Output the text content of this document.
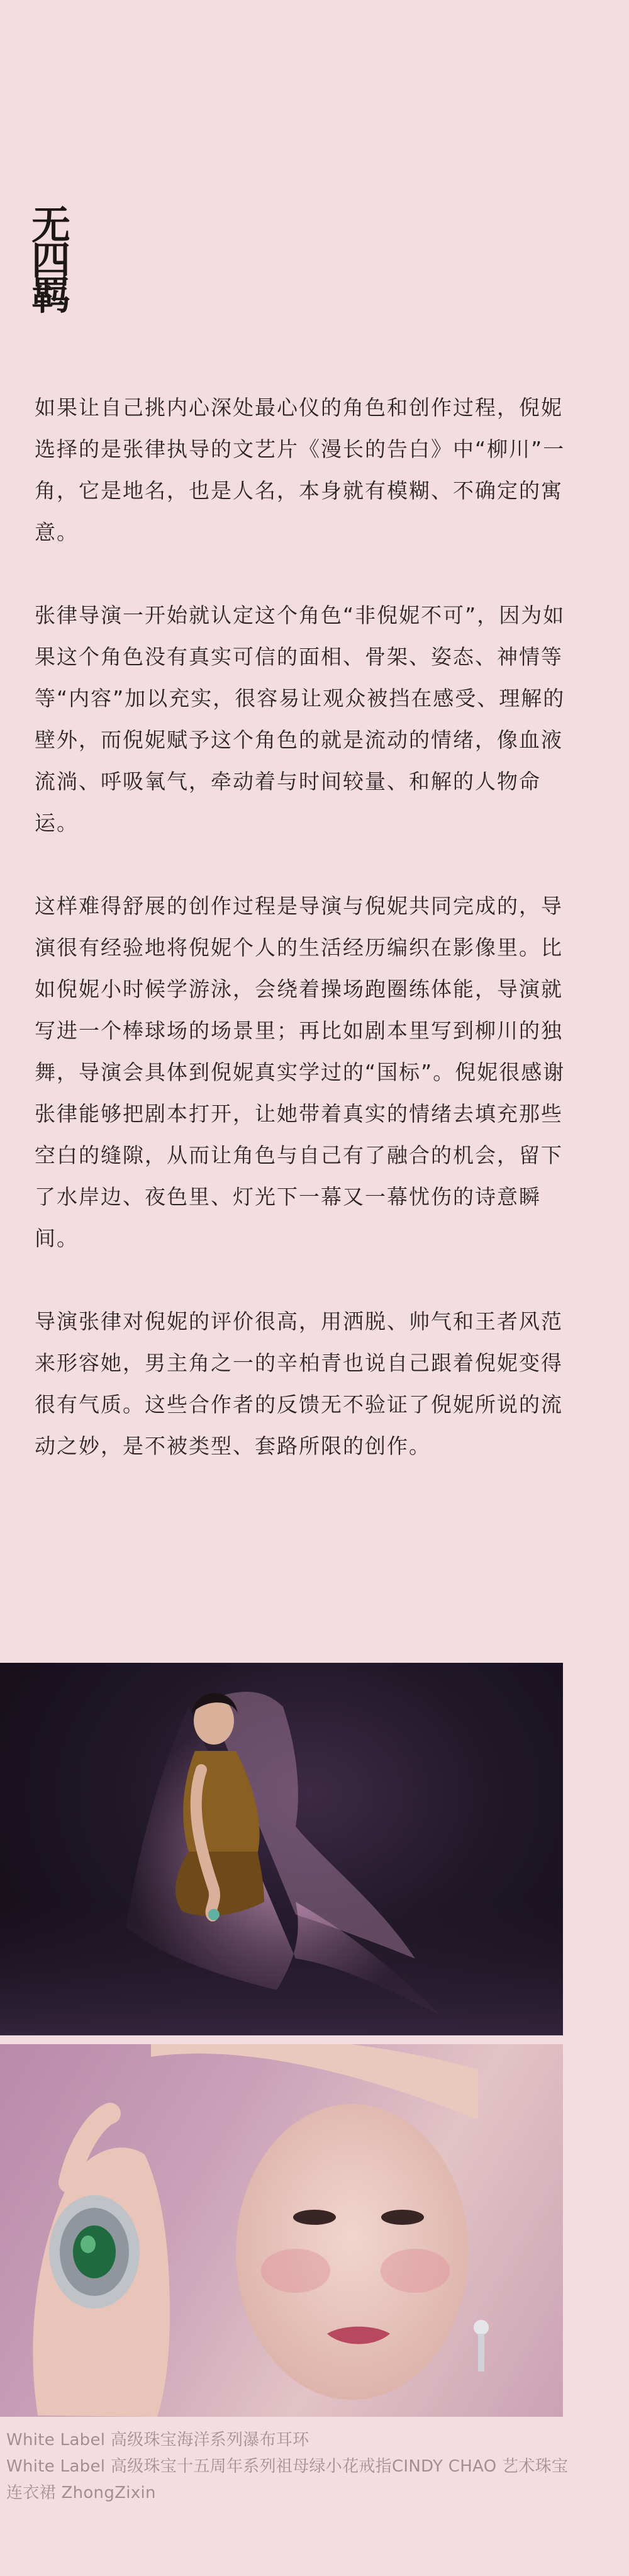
无
四
羁

如果让自己挑内心深处最心仪的角色和创作过程，倪妮选择的是张律执导的文艺片《漫长的告白》中“柳川”一角，它是地名，也是人名，本身就有模糊、不确定的寓意。

张律导演一开始就认定这个角色“非倪妮不可”，因为如果这个角色没有真实可信的面相、骨架、姿态、神情等等“内容”加以充实，很容易让观众被挡在感受、理解的壁外，而倪妮赋予这个角色的就是流动的情绪，像血液流淌、呼吸氧气，牵动着与时间较量、和解的人物命运。

这样难得舒展的创作过程是导演与倪妮共同完成的，导演很有经验地将倪妮个人的生活经历编织在影像里。比如倪妮小时候学游泳，会绕着操场跑圈练体能，导演就写进一个棒球场的场景里；再比如剧本里写到柳川的独舞，导演会具体到倪妮真实学过的“国标”。倪妮很感谢张律能够把剧本打开，让她带着真实的情绪去填充那些空白的缝隙，从而让角色与自己有了融合的机会，留下了水岸边、夜色里、灯光下一幕又一幕忧伤的诗意瞬间。

导演张律对倪妮的评价很高，用洒脱、帅气和王者风范来形容她，男主角之一的辛柏青也说自己跟着倪妮变得很有气质。这些合作者的反馈无不验证了倪妮所说的流动之妙，是不被类型、套路所限的创作。

White Label 高级珠宝海洋系列瀑布耳环
White Label 高级珠宝十五周年系列祖母绿小花戒指CINDY CHAO 艺术珠宝
连衣裙 ZhongZixin
